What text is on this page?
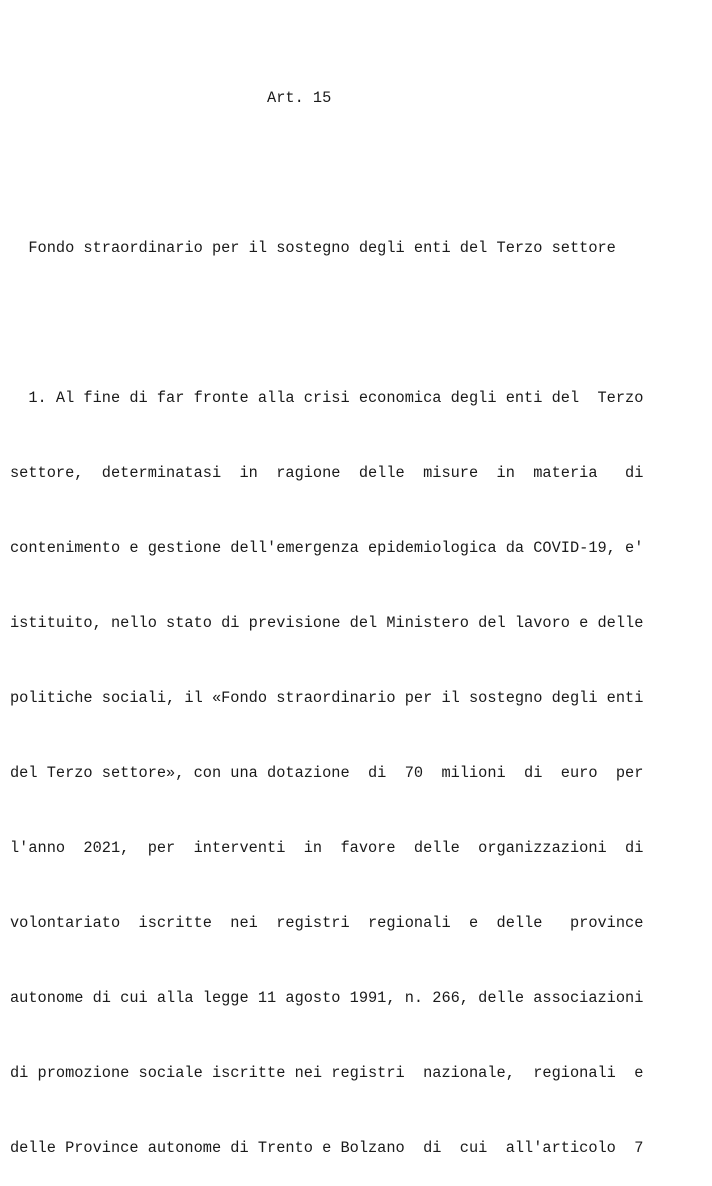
Art. 15

Fondo straordinario per il sostegno degli enti del Terzo settore

1. Al fine di far fronte alla crisi economica degli enti del  Terzo

settore,  determinatasi  in  ragione  delle  misure  in  materia   di

contenimento e gestione dell'emergenza epidemiologica da COVID-19, e'

istituito, nello stato di previsione del Ministero del lavoro e delle

politiche sociali, il «Fondo straordinario per il sostegno degli enti

del Terzo settore», con una dotazione  di  70  milioni  di  euro  per

l'anno  2021,  per  interventi  in  favore  delle  organizzazioni  di

volontariato  iscritte  nei  registri  regionali  e  delle   province

autonome di cui alla legge 11 agosto 1991, n. 266, delle associazioni

di promozione sociale iscritte nei registri  nazionale,  regionali  e

delle Province autonome di Trento e Bolzano  di  cui  all'articolo  7
